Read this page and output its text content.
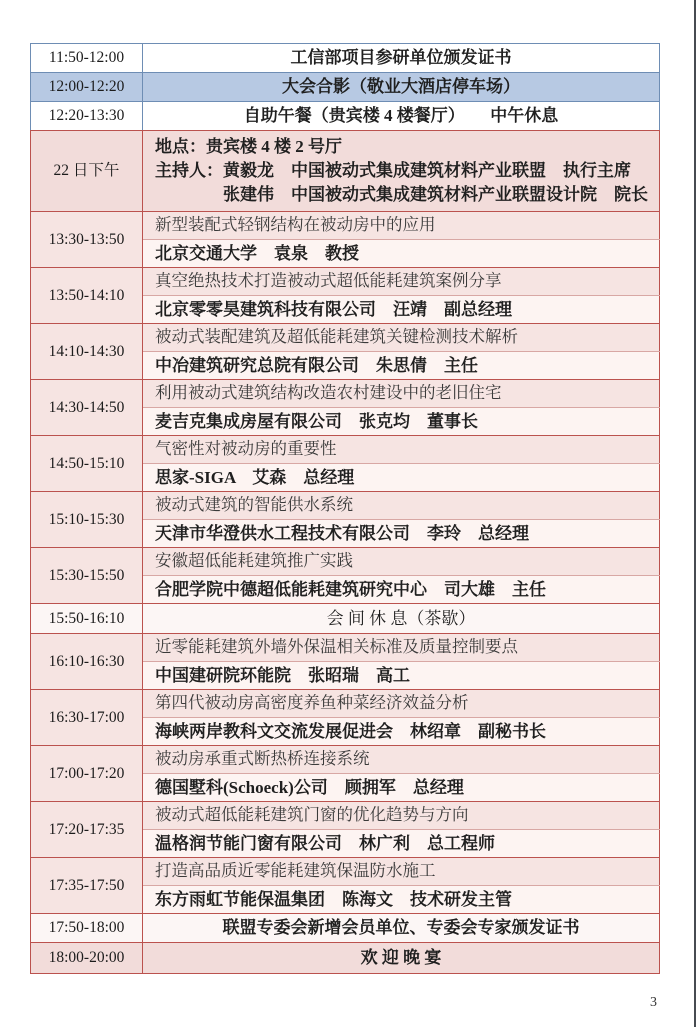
11:50-12:00	工信部项目参研单位颁发证书
12:00-12:20	大会合影（敬业大酒店停车场）
12:20-13:30	自助午餐（贵宾楼 4 楼餐厅）　　中午休息
22 日下午	地点：贵宾楼 4 楼 2 号厅
主持人：黄毅龙　中国被动式集成建筑材料产业联盟　执行主席
张建伟　中国被动式集成建筑材料产业联盟设计院　院长

13:30-13:50	新型装配式轻钢结构在被动房中的应用
	北京交通大学　袁泉　教授
13:50-14:10	真空绝热技术打造被动式超低能耗建筑案例分享
	北京零零昊建筑科技有限公司　汪靖　副总经理
14:10-14:30	被动式装配建筑及超低能耗建筑关键检测技术解析
	中冶建筑研究总院有限公司　朱思倩　主任
14:30-14:50	利用被动式建筑结构改造农村建设中的老旧住宅
	麦吉克集成房屋有限公司　张克均　董事长
14:50-15:10	气密性对被动房的重要性
	思家-SIGA　艾森　总经理
15:10-15:30	被动式建筑的智能供水系统
	天津市华澄供水工程技术有限公司　李玲　总经理
15:30-15:50	安徽超低能耗建筑推广实践
	合肥学院中德超低能耗建筑研究中心　司大雄　主任
15:50-16:10	会 间 休 息（茶歇）
16:10-16:30	近零能耗建筑外墙外保温相关标准及质量控制要点
	中国建研院环能院　张昭瑞　高工
16:30-17:00	第四代被动房高密度养鱼种菜经济效益分析
	海峡两岸教科文交流发展促进会　林绍章　副秘书长
17:00-17:20	被动房承重式断热桥连接系统
	德国墅科(Schoeck)公司　顾拥军　总经理
17:20-17:35	被动式超低能耗建筑门窗的优化趋势与方向
	温格润节能门窗有限公司　林广利　总工程师
17:35-17:50	打造高品质近零能耗建筑保温防水施工
	东方雨虹节能保温集团　陈海文　技术研发主管
17:50-18:00	联盟专委会新增会员单位、专委会专家颁发证书
18:00-20:00	欢 迎 晚 宴
3
